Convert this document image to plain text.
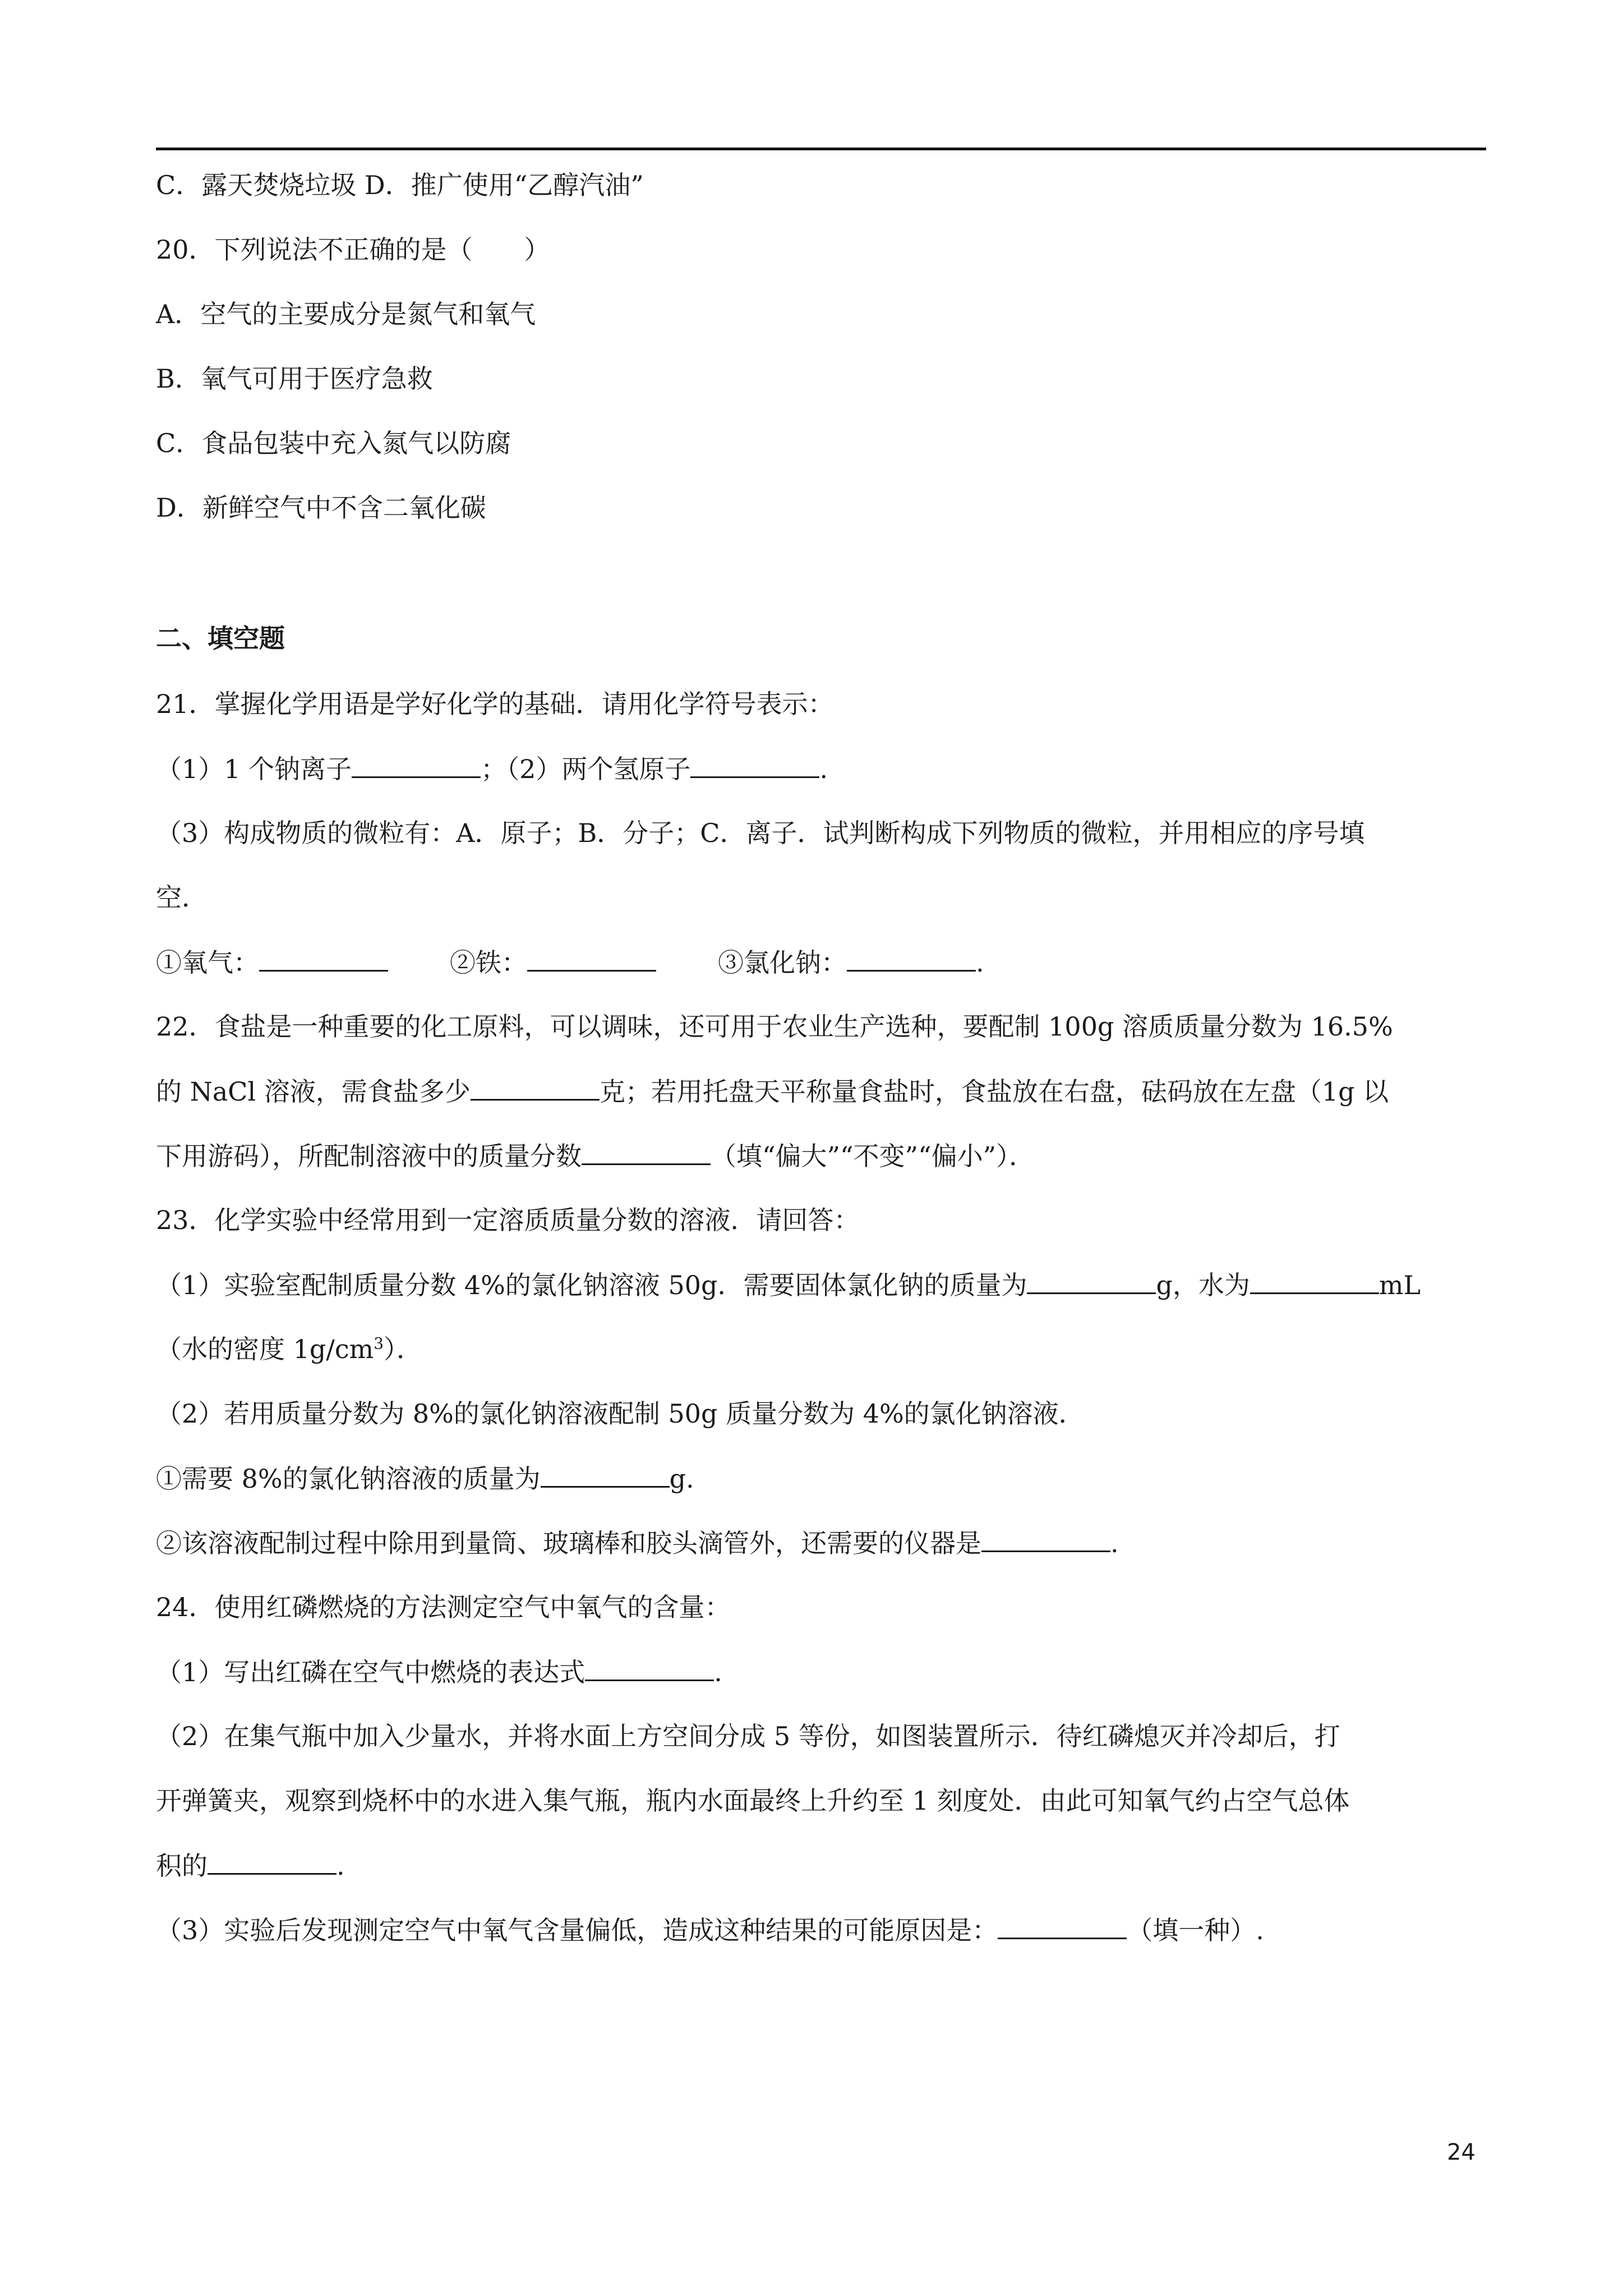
C．露天焚烧垃圾 D．推广使用“乙醇汽油”
20．下列说法不正确的是（　　）
A．空气的主要成分是氮气和氧气
B．氧气可用于医疗急救
C．食品包装中充入氮气以防腐
D．新鲜空气中不含二氧化碳
二、填空题
21．掌握化学用语是学好化学的基础．请用化学符号表示：
（1）1 个钠离子	；（2）两个氢原子	.
（3）构成物质的微粒有：A．原子；B．分子；C．离子．试判断构成下列物质的微粒，并用相应的序号填
空．
①氧气：	②铁：	③氯化钠：	.
22．食盐是一种重要的化工原料，可以调味，还可用于农业生产选种，要配制 100g 溶质质量分数为 16.5%
的 NaCl 溶液，需食盐多少	克；若用托盘天平称量食盐时，食盐放在右盘，砝码放在左盘（1g 以
下用游码），所配制溶液中的质量分数	（填“偏大”“不变”“偏小”）．
23．化学实验中经常用到一定溶质质量分数的溶液．请回答：
（1）实验室配制质量分数 4%的氯化钠溶液 50g．需要固体氯化钠的质量为	g，水为	mL
（水的密度 $1g/cm^3$）．
（2）若用质量分数为 8%的氯化钠溶液配制 50g 质量分数为 4%的氯化钠溶液．
①需要 8%的氯化钠溶液的质量为	g.
②该溶液配制过程中除用到量筒、玻璃棒和胶头滴管外，还需要的仪器是	.
24．使用红磷燃烧的方法测定空气中氧气的含量：
（1）写出红磷在空气中燃烧的表达式	.
（2）在集气瓶中加入少量水，并将水面上方空间分成 5 等份，如图装置所示．待红磷熄灭并冷却后，打
开弹簧夹，观察到烧杯中的水进入集气瓶，瓶内水面最终上升约至 1 刻度处．由此可知氧气约占空气总体
积的	.
（3）实验后发现测定空气中氧气含量偏低，造成这种结果的可能原因是：	（填一种）.
24
